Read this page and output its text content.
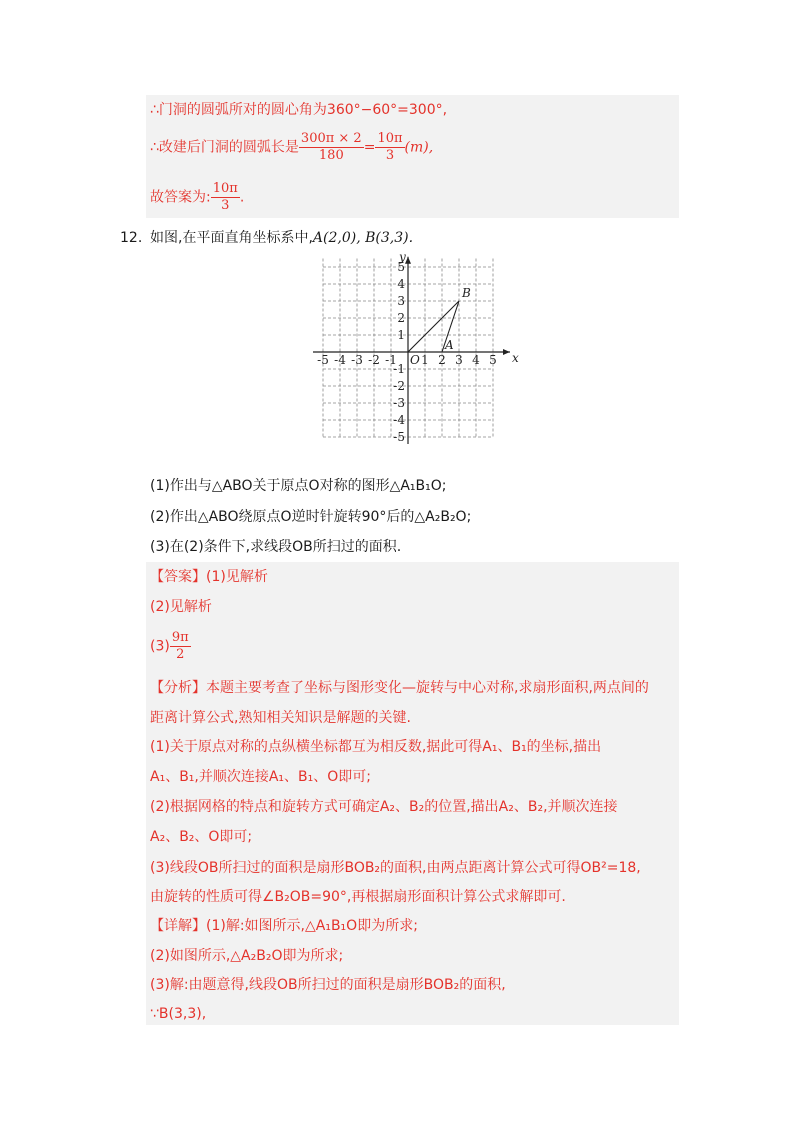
∴门洞的圆弧所对的圆心角为360°−60°=300°,
∴改建后门洞的圆弧长是 $\frac{300\pi \times 2}{180} = \frac{10\pi}{3} (m)$,
故答案为: $\frac{10\pi}{3}$ .
12. 如图,在平面直角坐标系中,A(2,0), B(3,3).
x
y
-5 -4 -3 -2 -1 1 2 3 4 5
5
4
3
2
1
-1
-2
-3
-4
-5
O
A
B
(1)作出与△ABO关于原点O对称的图形△A₁B₁O;
(2)作出△ABO绕原点O逆时针旋转90°后的△A₂B₂O;
(3)在(2)条件下,求线段OB所扫过的面积.
【答案】(1)见解析
(2)见解析
$(3) \frac{9\pi}{2}$
【分析】本题主要考查了坐标与图形变化—旋转与中心对称,求扇形面积,两点间的
距离计算公式,熟知相关知识是解题的关键.
(1)关于原点对称的点纵横坐标都互为相反数,据此可得A₁、B₁的坐标,描出
A₁、B₁,并顺次连接A₁、B₁、O即可;
(2)根据网格的特点和旋转方式可确定A₂、B₂的位置,描出A₂、B₂,并顺次连接
A₂、B₂、O即可;
(3)线段OB所扫过的面积是扇形BOB₂的面积,由两点距离计算公式可得OB²=18,
由旋转的性质可得∠B₂OB=90°,再根据扇形面积计算公式求解即可.
【详解】(1)解:如图所示,△A₁B₁O即为所求;
(2)如图所示,△A₂B₂O即为所求;
(3)解:由题意得,线段OB所扫过的面积是扇形BOB₂的面积,
∵B(3,3),
